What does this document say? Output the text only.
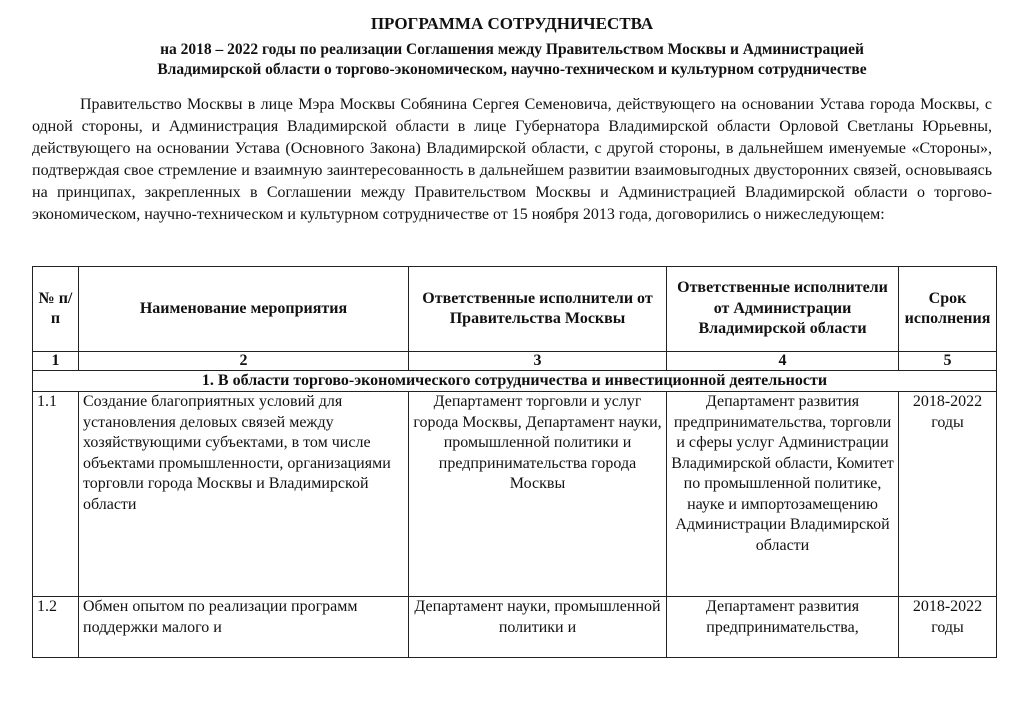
ПРОГРАММА СОТРУДНИЧЕСТВА
на 2018 – 2022 годы по реализации Соглашения между Правительством Москвы и Администрацией
Владимирской области о торгово-экономическом, научно-техническом и культурном сотрудничестве
Правительство Москвы в лице Мэра Москвы Собянина Сергея Семеновича, действующего на основании Устава города Москвы, с одной стороны, и Администрация Владимирской области в лице Губернатора Владимирской области Орловой Светланы Юрьевны, действующего на основании Устава (Основного Закона) Владимирской области, с другой стороны, в дальнейшем именуемые «Стороны», подтверждая свое стремление и взаимную заинтересованность в дальнейшем развитии взаимовыгодных двусторонних связей, основываясь на принципах, закрепленных в Соглашении между Правительством Москвы и Администрацией Владимирской области о торгово-экономическом, научно-техническом и культурном сотрудничестве от 15 ноября 2013 года, договорились о нижеследующем:
№ п/п	Наименование мероприятия	Ответственные исполнители от Правительства Москвы	Ответственные исполнители от Администрации Владимирской области	Срок исполнения
1	2	3	4	5
1. В области торгово-экономического сотрудничества и инвестиционной деятельности				
1.1	Создание благоприятных условий для установления деловых связей между хозяйствующими субъектами, в том числе объектами промышленности, организациями торговли города Москвы и Владимирской области	Департамент торговли и услуг города Москвы, Департамент науки, промышленной политики и предпринимательства города Москвы	Департамент развития предпринимательства, торговли и сферы услуг Администрации Владимирской области, Комитет по промышленной политике, науке и импортозамещению Администрации Владимирской области	2018-2022 годы
1.2	Обмен опытом по реализации программ поддержки малого и	Департамент науки, промышленной политики и	Департамент развития предпринимательства,	2018-2022 годы
